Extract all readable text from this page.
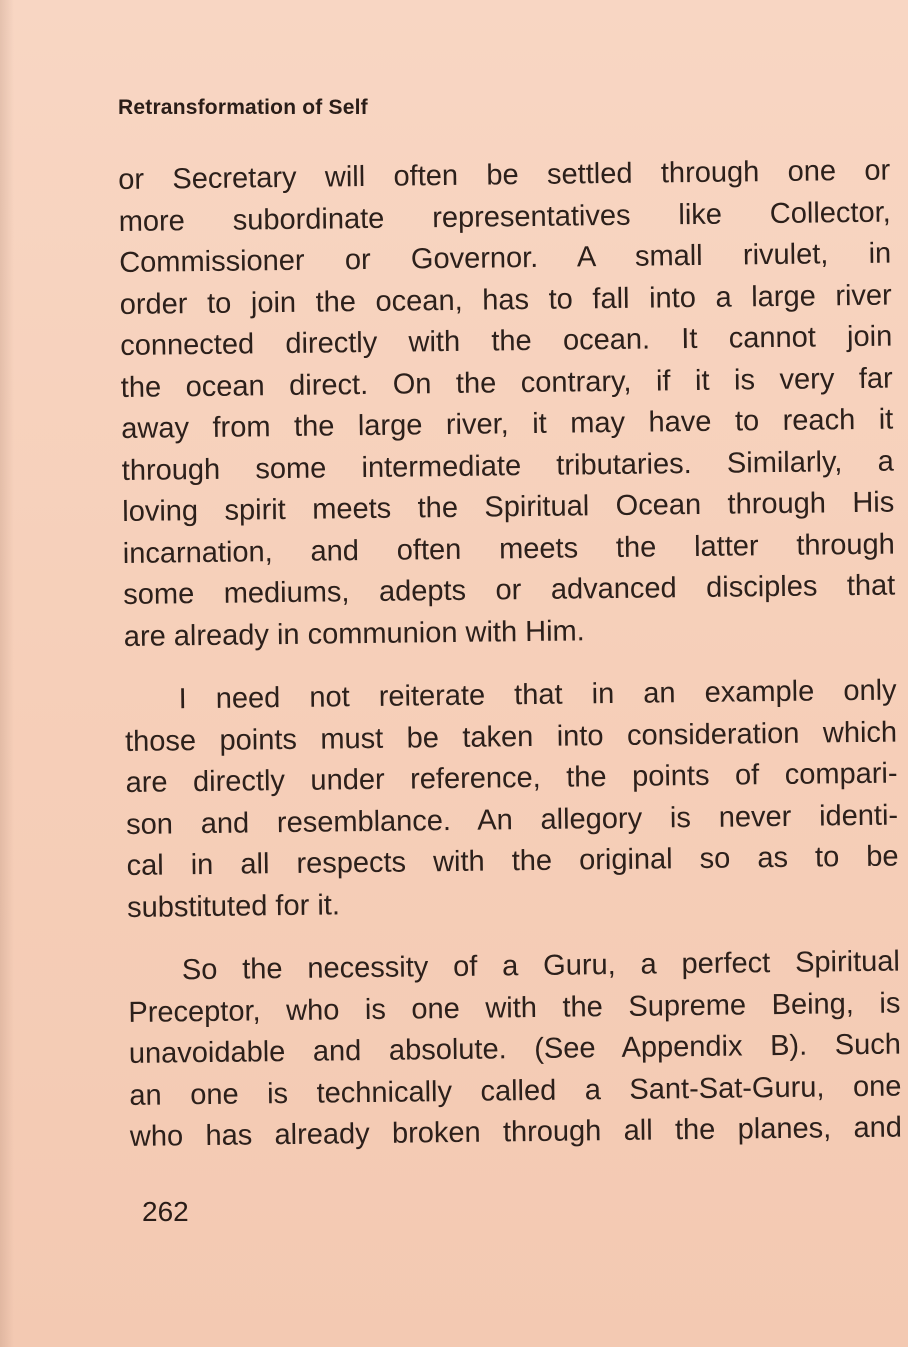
Retransformation of Self
or Secretary will often be settled through one or
more subordinate representatives like Collector,
Commissioner or Governor. A small rivulet, in
order to join the ocean, has to fall into a large river
connected directly with the ocean. It cannot join
the ocean direct. On the contrary, if it is very far
away from the large river, it may have to reach it
through some intermediate tributaries. Similarly, a
loving spirit meets the Spiritual Ocean through His
incarnation, and often meets the latter through
some mediums, adepts or advanced disciples that
are already in communion with Him.
I need not reiterate that in an example only
those points must be taken into consideration which
are directly under reference, the points of compari-
son and resemblance. An allegory is never identi-
cal in all respects with the original so as to be
substituted for it.
So the necessity of a Guru, a perfect Spiritual
Preceptor, who is one with the Supreme Being, is
unavoidable and absolute. (See Appendix B). Such
an one is technically called a Sant-Sat-Guru, one
who has already broken through all the planes, and
262
